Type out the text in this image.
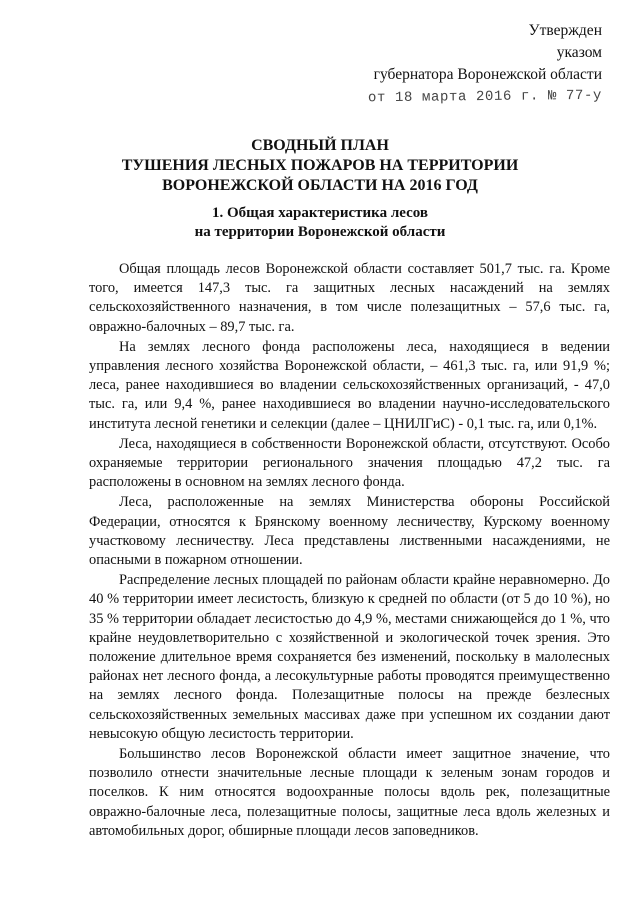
Утвержден
указом
губернатора Воронежской области
от 18 марта 2016 г. № 77-у
СВОДНЫЙ ПЛАН
ТУШЕНИЯ ЛЕСНЫХ ПОЖАРОВ НА ТЕРРИТОРИИ
ВОРОНЕЖСКОЙ ОБЛАСТИ НА 2016 ГОД
1. Общая характеристика лесов
на территории Воронежской области

Общая площадь лесов Воронежской области составляет 501,7 тыс. га. Кроме того, имеется 147,3 тыс. га защитных лесных насаждений на землях сельскохозяйственного назначения, в том числе полезащитных – 57,6 тыс. га, овражно-балочных – 89,7 тыс. га.

На землях лесного фонда расположены леса, находящиеся в ведении управления лесного хозяйства Воронежской области, – 461,3 тыс. га, или 91,9 %; леса, ранее находившиеся во владении сельскохозяйственных организаций, - 47,0 тыс. га, или 9,4 %, ранее находившиеся во владении научно-исследовательского института лесной генетики и селекции (далее – ЦНИЛГиС) - 0,1 тыс. га, или 0,1%.

Леса, находящиеся в собственности Воронежской области, отсутствуют. Особо охраняемые территории регионального значения площадью 47,2 тыс. га расположены в основном на землях лесного фонда.

Леса, расположенные на землях Министерства обороны Российской Федерации, относятся к Брянскому военному лесничеству, Курскому военному участковому лесничеству. Леса представлены лиственными насаждениями, не опасными в пожарном отношении.

Распределение лесных площадей по районам области крайне неравномерно. До 40 % территории имеет лесистость, близкую к средней по области (от 5 до 10 %), но 35 % территории обладает лесистостью до 4,9 %, местами снижающейся до 1 %, что крайне неудовлетворительно с хозяйственной и экологической точек зрения. Это положение длительное время сохраняется без изменений, поскольку в малолесных районах нет лесного фонда, а лесокультурные работы проводятся преимущественно на землях лесного фонда. Полезащитные полосы на прежде безлесных сельскохозяйственных земельных массивах даже при успешном их создании дают невысокую общую лесистость территории.

Большинство лесов Воронежской области имеет защитное значение, что позволило отнести значительные лесные площади к зеленым зонам городов и поселков. К ним относятся водоохранные полосы вдоль рек, полезащитные овражно-балочные леса, полезащитные полосы, защитные леса вдоль железных и автомобильных дорог, обширные площади лесов заповедников.
